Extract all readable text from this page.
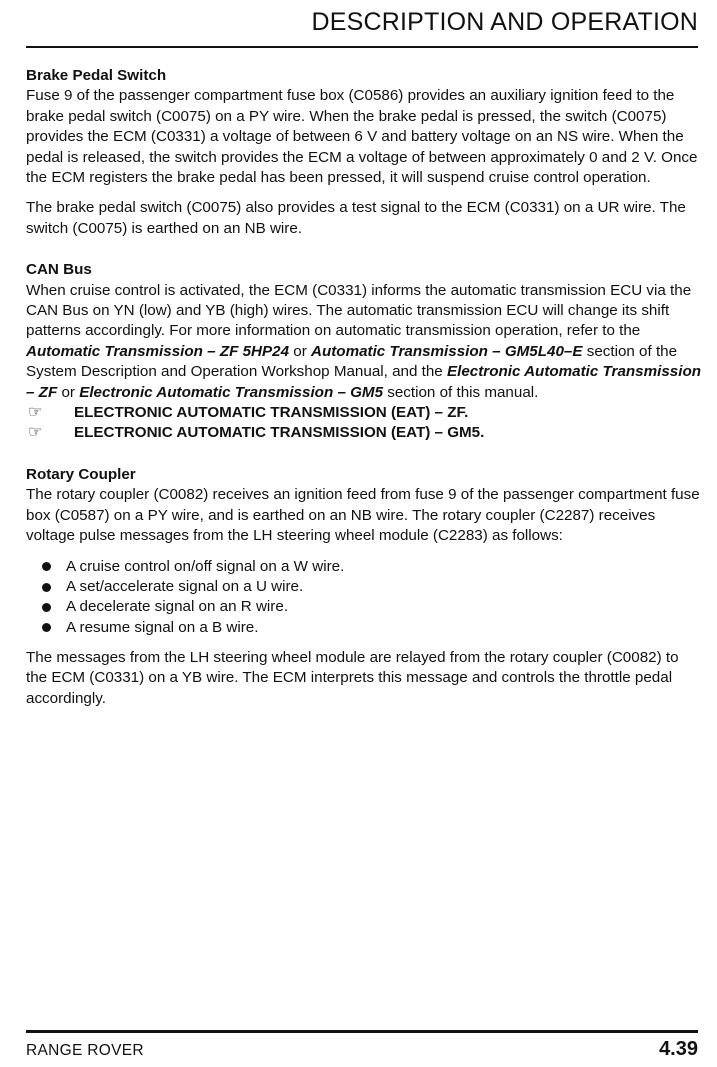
DESCRIPTION AND OPERATION
Brake Pedal Switch

Fuse 9 of the passenger compartment fuse box (C0586) provides an auxiliary ignition feed to the brake pedal switch (C0075) on a PY wire. When the brake pedal is pressed, the switch (C0075) provides the ECM (C0331) a voltage of between 6 V and battery voltage on an NS wire. When the pedal is released, the switch provides the ECM a voltage of between approximately 0 and 2 V. Once the ECM registers the brake pedal has been pressed, it will suspend cruise control operation.

The brake pedal switch (C0075) also provides a test signal to the ECM (C0331) on a UR wire. The switch (C0075) is earthed on an NB wire.

CAN Bus

When cruise control is activated, the ECM (C0331) informs the automatic transmission ECU via the CAN Bus on YN (low) and YB (high) wires. The automatic transmission ECU will change its shift patterns accordingly. For more information on automatic transmission operation, refer to the Automatic Transmission – ZF 5HP24 or Automatic Transmission – GM5L40–E section of the System Description and Operation Workshop Manual, and the Electronic Automatic Transmission – ZF or Electronic Automatic Transmission – GM5 section of this manual.

☞	ELECTRONIC AUTOMATIC TRANSMISSION (EAT) – ZF.
☞	ELECTRONIC AUTOMATIC TRANSMISSION (EAT) – GM5.
Rotary Coupler

The rotary coupler (C0082) receives an ignition feed from fuse 9 of the passenger compartment fuse box (C0587) on a PY wire, and is earthed on an NB wire. The rotary coupler (C2287) receives voltage pulse messages from the LH steering wheel module (C2283) as follows:

A cruise control on/off signal on a W wire.
A set/accelerate signal on a U wire.
A decelerate signal on an R wire.
A resume signal on a B wire.

The messages from the LH steering wheel module are relayed from the rotary coupler (C0082) to the ECM (C0331) on a YB wire. The ECM interprets this message and controls the throttle pedal accordingly.

RANGE ROVER	4.39
